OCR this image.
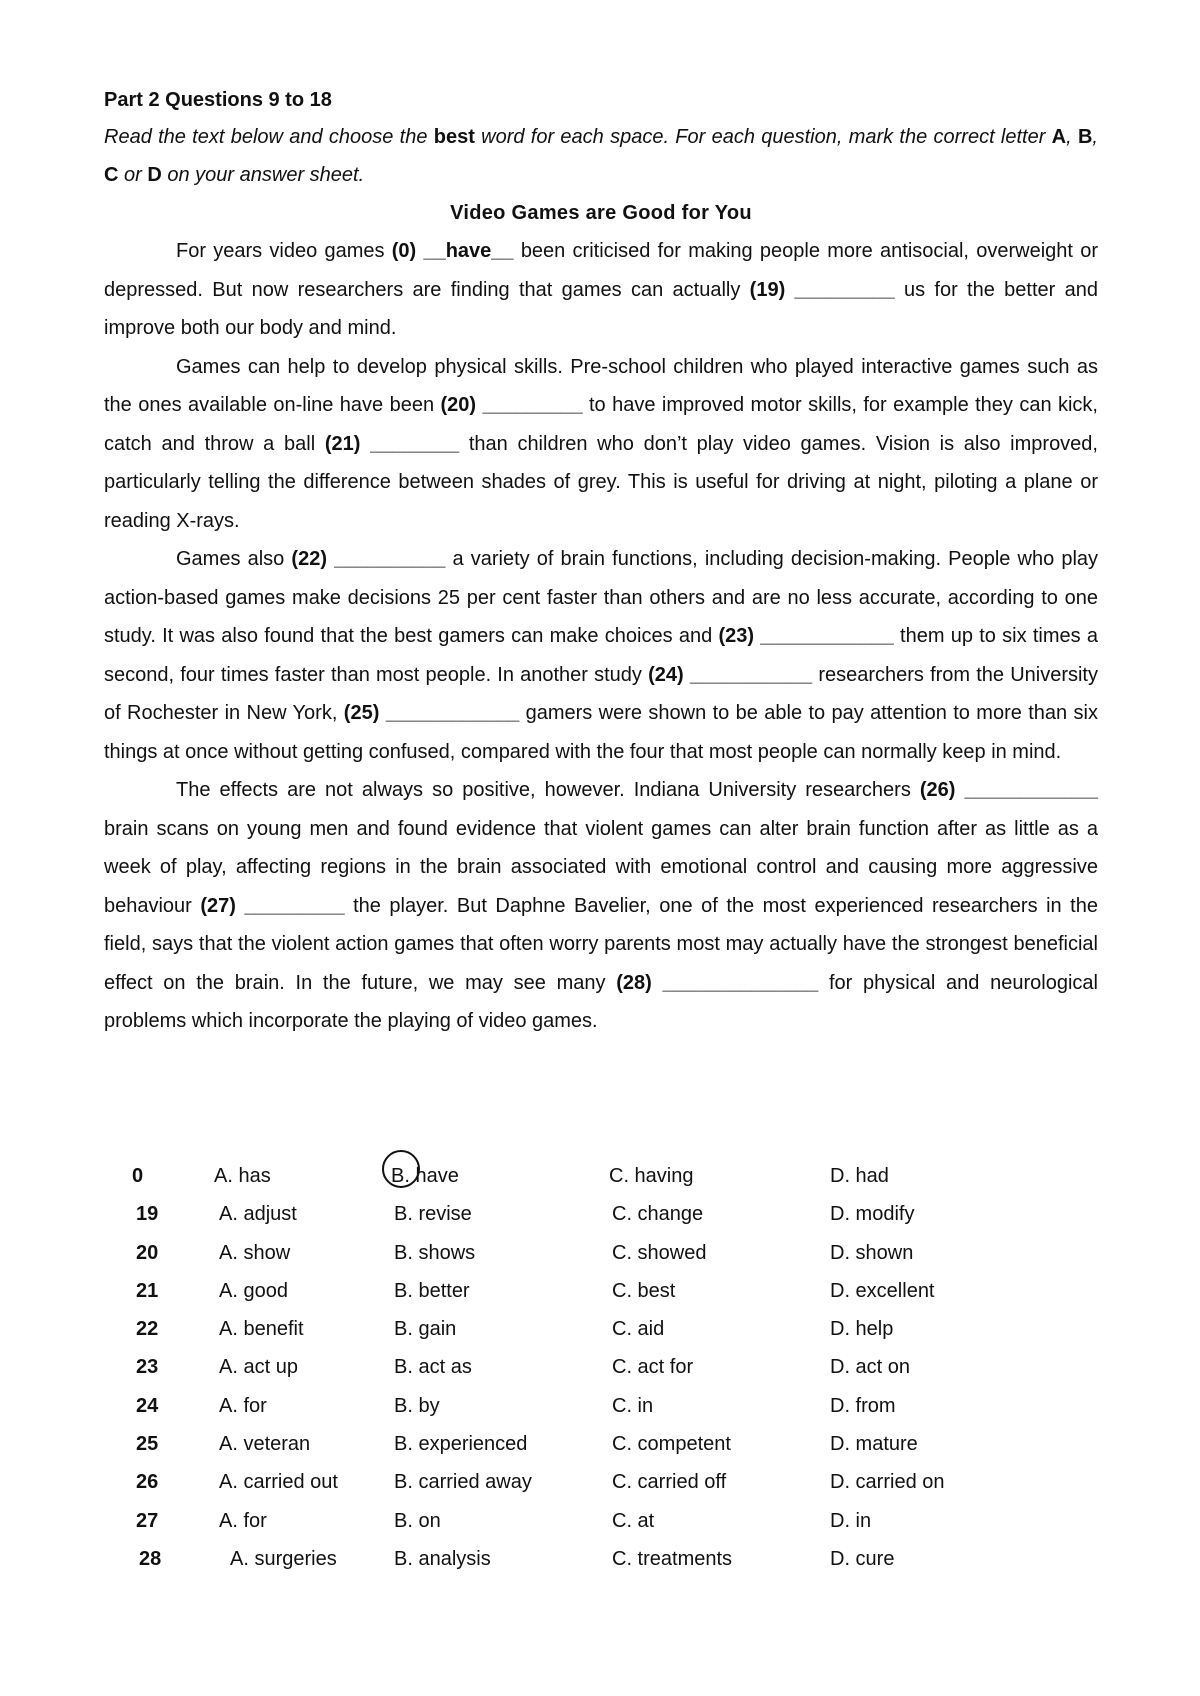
Part 2 Questions 9 to 18

Read the text below and choose the best word for each space. For each question, mark the correct letter A, B, C or D on your answer sheet.

Video Games are Good for You

For years video games (0) __have__ been criticised for making people more antisocial, overweight or depressed. But now researchers are finding that games can actually (19) _________ us for the better and improve both our body and mind.

Games can help to develop physical skills. Pre-school children who played interactive games such as the ones available on-line have been (20) _________ to have improved motor skills, for example they can kick, catch and throw a ball (21) ________ than children who don’t play video games. Vision is also improved, particularly telling the difference between shades of grey. This is useful for driving at night, piloting a plane or reading X-rays.

Games also (22) __________ a variety of brain functions, including decision-making. People who play action-based games make decisions 25 per cent faster than others and are no less accurate, according to one study. It was also found that the best gamers can make choices and (23) ____________ them up to six times a second, four times faster than most people. In another study (24) ___________ researchers from the University of Rochester in New York, (25) ____________ gamers were shown to be able to pay attention to more than six things at once without getting confused, compared with the four that most people can normally keep in mind.

The effects are not always so positive, however. Indiana University researchers (26) ____________ brain scans on young men and found evidence that violent games can alter brain function after as little as a week of play, affecting regions in the brain associated with emotional control and causing more aggressive behaviour (27) _________ the player. But Daphne Bavelier, one of the most experienced researchers in the field, says that the violent action games that often worry parents most may actually have the strongest beneficial effect on the brain. In the future, we may see many (28) ______________ for physical and neurological problems which incorporate the playing of video games.

0	A. has	B. have	C. having	D. had
19	A. adjust	B. revise	C. change	D. modify
20	A. show	B. shows	C. showed	D. shown
21	A. good	B. better	C. best	D. excellent
22	A. benefit	B. gain	C. aid	D. help
23	A. act up	B. act as	C. act for	D. act on
24	A. for	B. by	C. in	D. from
25	A. veteran	B. experienced	C. competent	D. mature
26	A. carried out	B. carried away	C. carried off	D. carried on
27	A. for	B. on	C. at	D. in
28	A. surgeries	B. analysis	C. treatments	D. cure
